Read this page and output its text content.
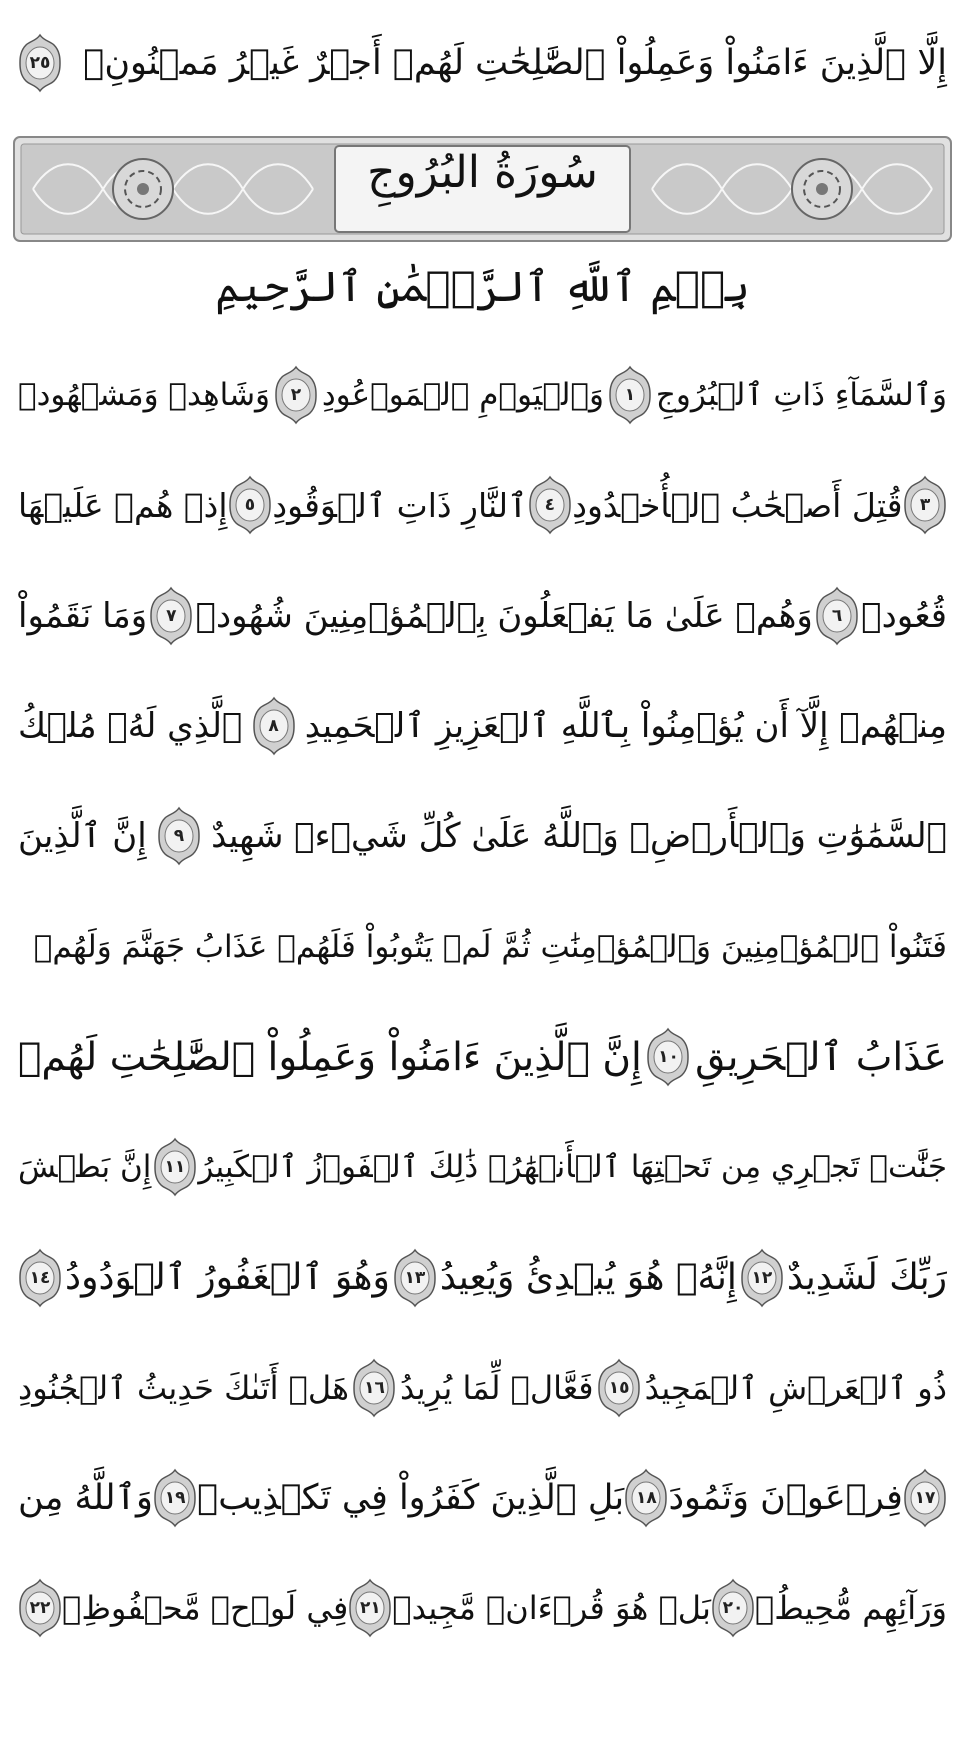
سُورَةُ البُرُوجِ
بِسۡمِ ٱللَّهِ ٱلرَّحۡمَٰنِ ٱلرَّحِيمِ
إِلَّا ٱلَّذِينَ ءَامَنُواْ وَعَمِلُواْ ٱلصَّٰلِحَٰتِ لَهُمۡ أَجۡرٌ غَيۡرُ مَمۡنُونِۭ
٢٥
وَٱلسَّمَآءِ ذَاتِ ٱلۡبُرُوجِ
١
وَٱلۡيَوۡمِ ٱلۡمَوۡعُودِ
٢
وَشَاهِدٖ وَمَشۡهُودٖ
٣
قُتِلَ أَصۡحَٰبُ ٱلۡأُخۡدُودِ
٤
ٱلنَّارِ ذَاتِ ٱلۡوَقُودِ
٥
إِذۡ هُمۡ عَلَيۡهَا
قُعُودٞ
٦
وَهُمۡ عَلَىٰ مَا يَفۡعَلُونَ بِٱلۡمُؤۡمِنِينَ شُهُودٞ
٧
وَمَا نَقَمُواْ
مِنۡهُمۡ إِلَّآ أَن يُؤۡمِنُواْ بِٱللَّهِ ٱلۡعَزِيزِ ٱلۡحَمِيدِ
٨
ٱلَّذِي لَهُۥ مُلۡكُ
ٱلسَّمَٰوَٰتِ وَٱلۡأَرۡضِۚ وَٱللَّهُ عَلَىٰ كُلِّ شَيۡءٖ شَهِيدٌ
٩
إِنَّ ٱلَّذِينَ
فَتَنُواْ ٱلۡمُؤۡمِنِينَ وَٱلۡمُؤۡمِنَٰتِ ثُمَّ لَمۡ يَتُوبُواْ فَلَهُمۡ عَذَابُ جَهَنَّمَ وَلَهُمۡ
عَذَابُ ٱلۡحَرِيقِ
١٠
إِنَّ ٱلَّذِينَ ءَامَنُواْ وَعَمِلُواْ ٱلصَّٰلِحَٰتِ لَهُمۡ
جَنَّٰتٞ تَجۡرِي مِن تَحۡتِهَا ٱلۡأَنۡهَٰرُۚ ذَٰلِكَ ٱلۡفَوۡزُ ٱلۡكَبِيرُ
١١
إِنَّ بَطۡشَ
رَبِّكَ لَشَدِيدٌ
١٢
إِنَّهُۥ هُوَ يُبۡدِئُ وَيُعِيدُ
١٣
وَهُوَ ٱلۡغَفُورُ ٱلۡوَدُودُ
١٤
ذُو ٱلۡعَرۡشِ ٱلۡمَجِيدُ
١٥
فَعَّالٞ لِّمَا يُرِيدُ
١٦
هَلۡ أَتَىٰكَ حَدِيثُ ٱلۡجُنُودِ
١٧
فِرۡعَوۡنَ وَثَمُودَ
١٨
بَلِ ٱلَّذِينَ كَفَرُواْ فِي تَكۡذِيبٖ
١٩
وَٱللَّهُ مِن
وَرَآئِهِم مُّحِيطُۢ
٢٠
بَلۡ هُوَ قُرۡءَانٞ مَّجِيدٞ
٢١
فِي لَوۡحٖ مَّحۡفُوظِۭ
٢٢
